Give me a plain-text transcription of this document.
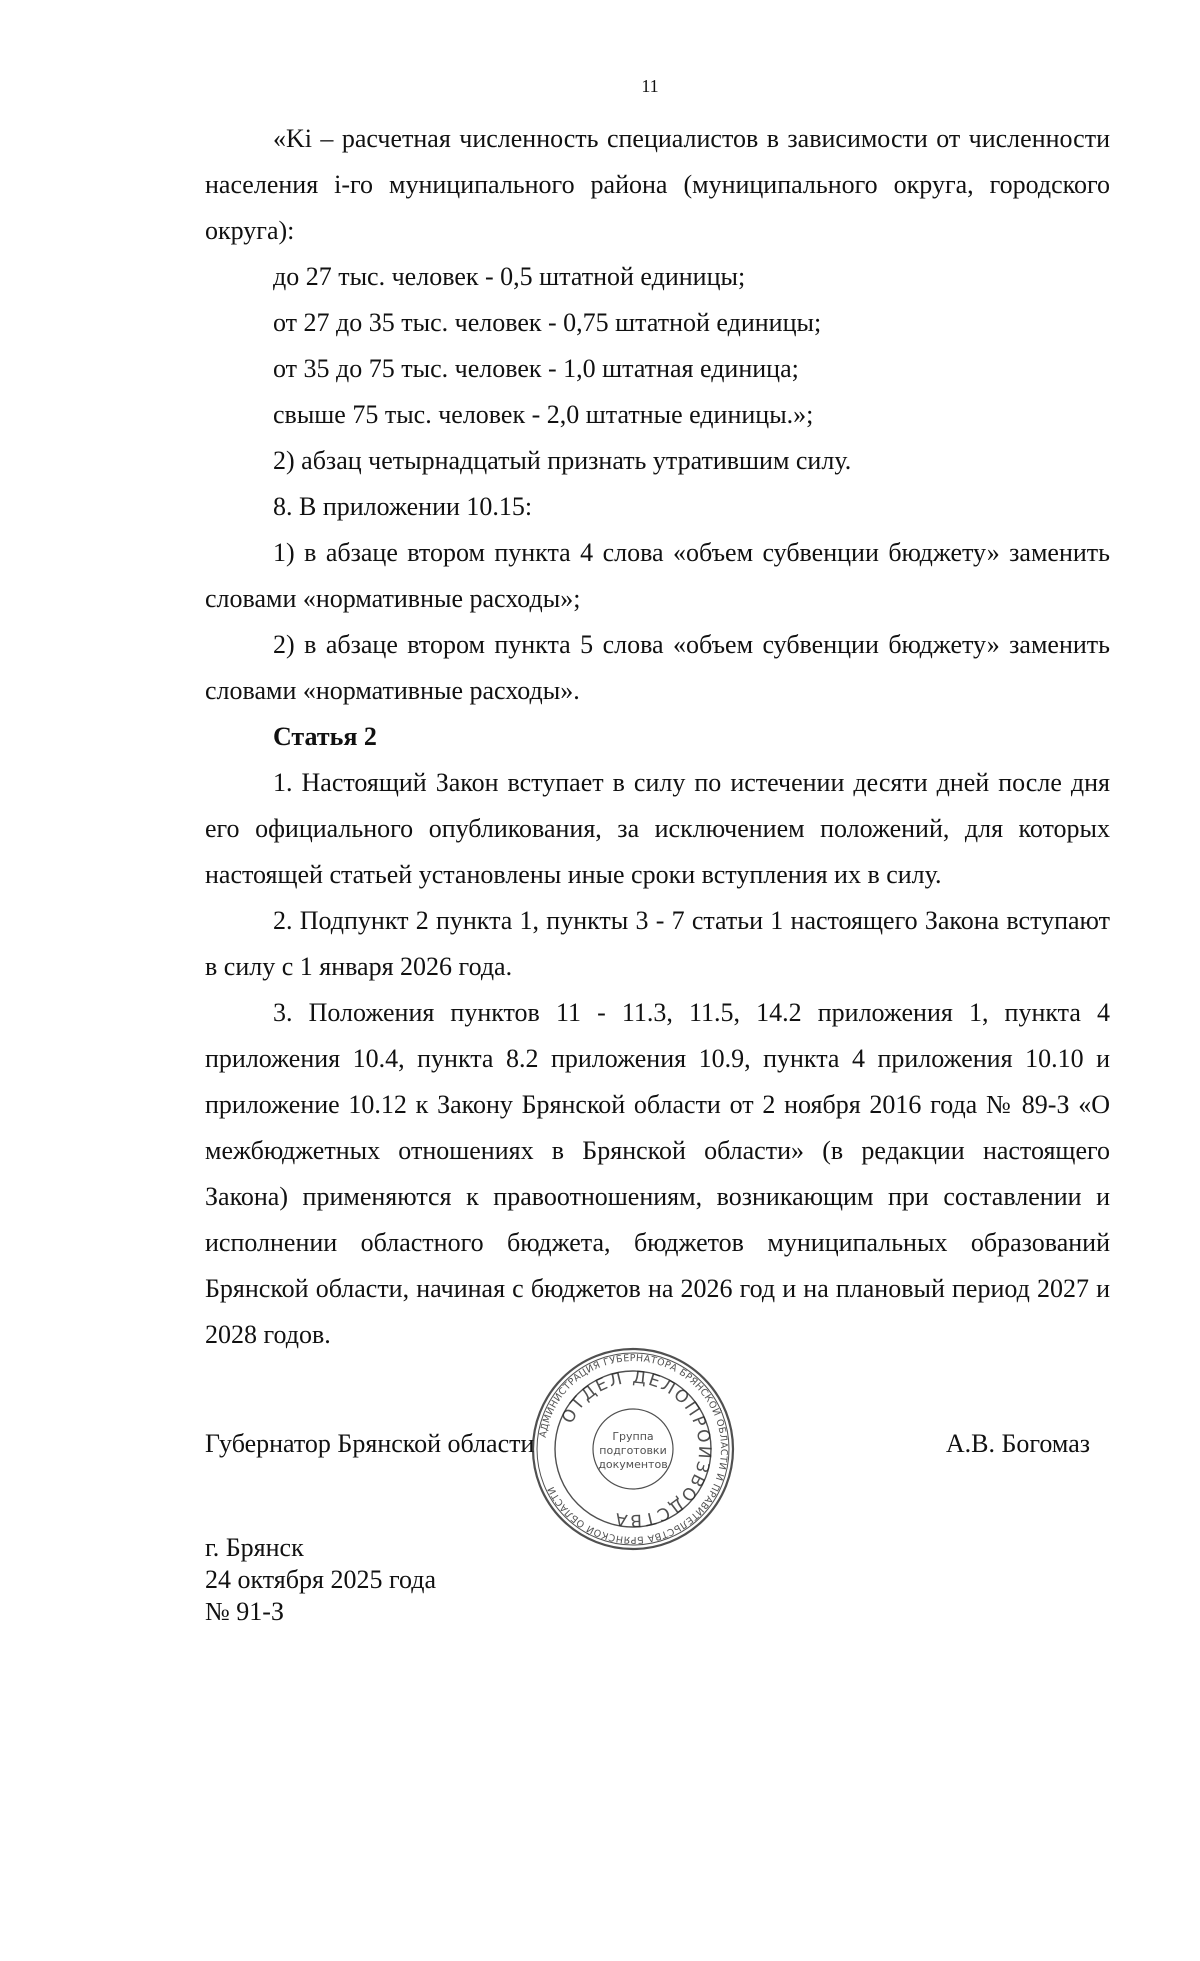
11

«Ki – расчетная численность специалистов в зависимости от численности населения i-го муниципального района (муниципального округа, городского округа):

до 27 тыс. человек - 0,5 штатной единицы;

от 27 до 35 тыс. человек - 0,75 штатной единицы;

от 35 до 75 тыс. человек - 1,0 штатная единица;

свыше 75 тыс. человек - 2,0 штатные единицы.»;

2) абзац четырнадцатый признать утратившим силу.

8. В приложении 10.15:

1) в абзаце втором пункта 4 слова «объем субвенции бюджету» заменить словами «нормативные расходы»;

2) в абзаце втором пункта 5 слова «объем субвенции бюджету» заменить словами «нормативные расходы».

Статья 2

1. Настоящий Закон вступает в силу по истечении десяти дней после дня его официального опубликования, за исключением положений, для которых настоящей статьей установлены иные сроки вступления их в силу.

2. Подпункт 2 пункта 1, пункты 3 - 7 статьи 1 настоящего Закона вступают в силу с 1 января 2026 года.

3. Положения пунктов 11 - 11.3, 11.5, 14.2 приложения 1, пункта 4 приложения 10.4, пункта 8.2 приложения 10.9, пункта 4 приложения 10.10 и приложение 10.12 к Закону Брянской области от 2 ноября 2016 года № 89-З «О межбюджетных отношениях в Брянской области» (в редакции настоящего Закона) применяются к правоотношениям, возникающим при составлении и исполнении областного бюджета, бюджетов муниципальных образований Брянской области, начиная с бюджетов на 2026 год и на плановый период 2027 и 2028 годов.

Губернатор Брянской области	А.В. Богомаз
г. Брянск
24 октября 2025 года
№ 91-З
АДМИНИСТРАЦИЯ ГУБЕРНАТОРА БРЯНСКОЙ ОБЛАСТИ И ПРАВИТЕЛЬСТВА БРЯНСКОЙ ОБЛАСТИ
ОТДЕЛ ДЕЛОПРОИЗВОДСТВА
Группа
подготовки
документов
